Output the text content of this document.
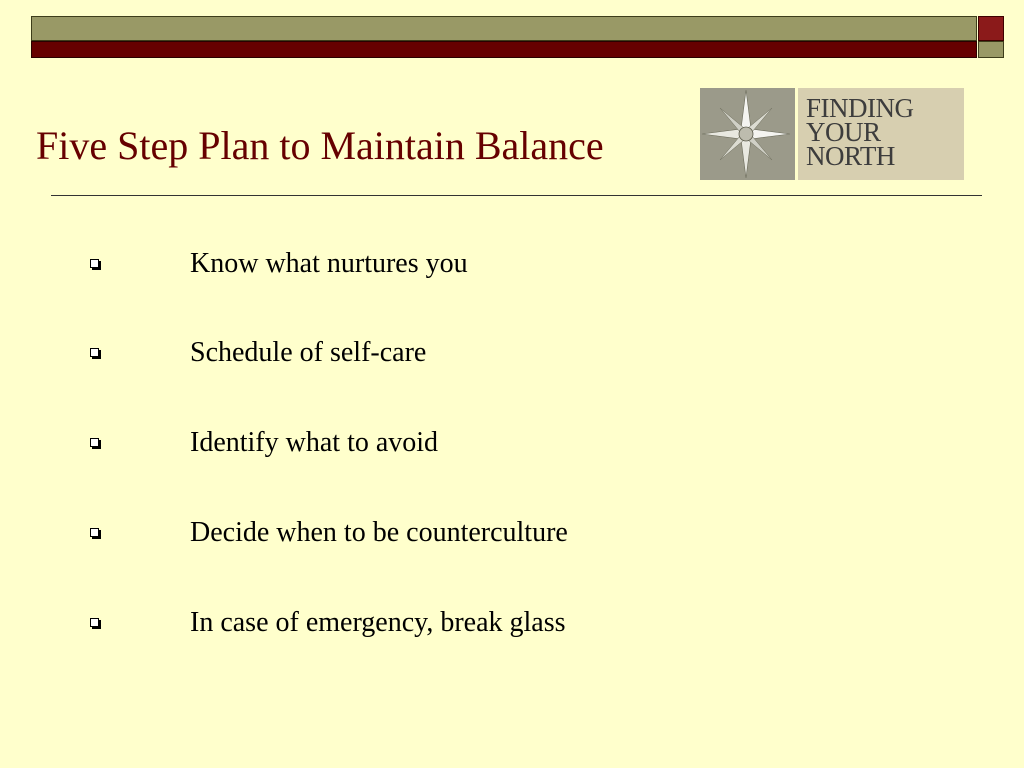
Five Step Plan to Maintain Balance
FINDING
YOUR
NORTH
Know what nurtures you
Schedule of self-care
Identify what to avoid
Decide when to be counterculture
In case of emergency, break glass
